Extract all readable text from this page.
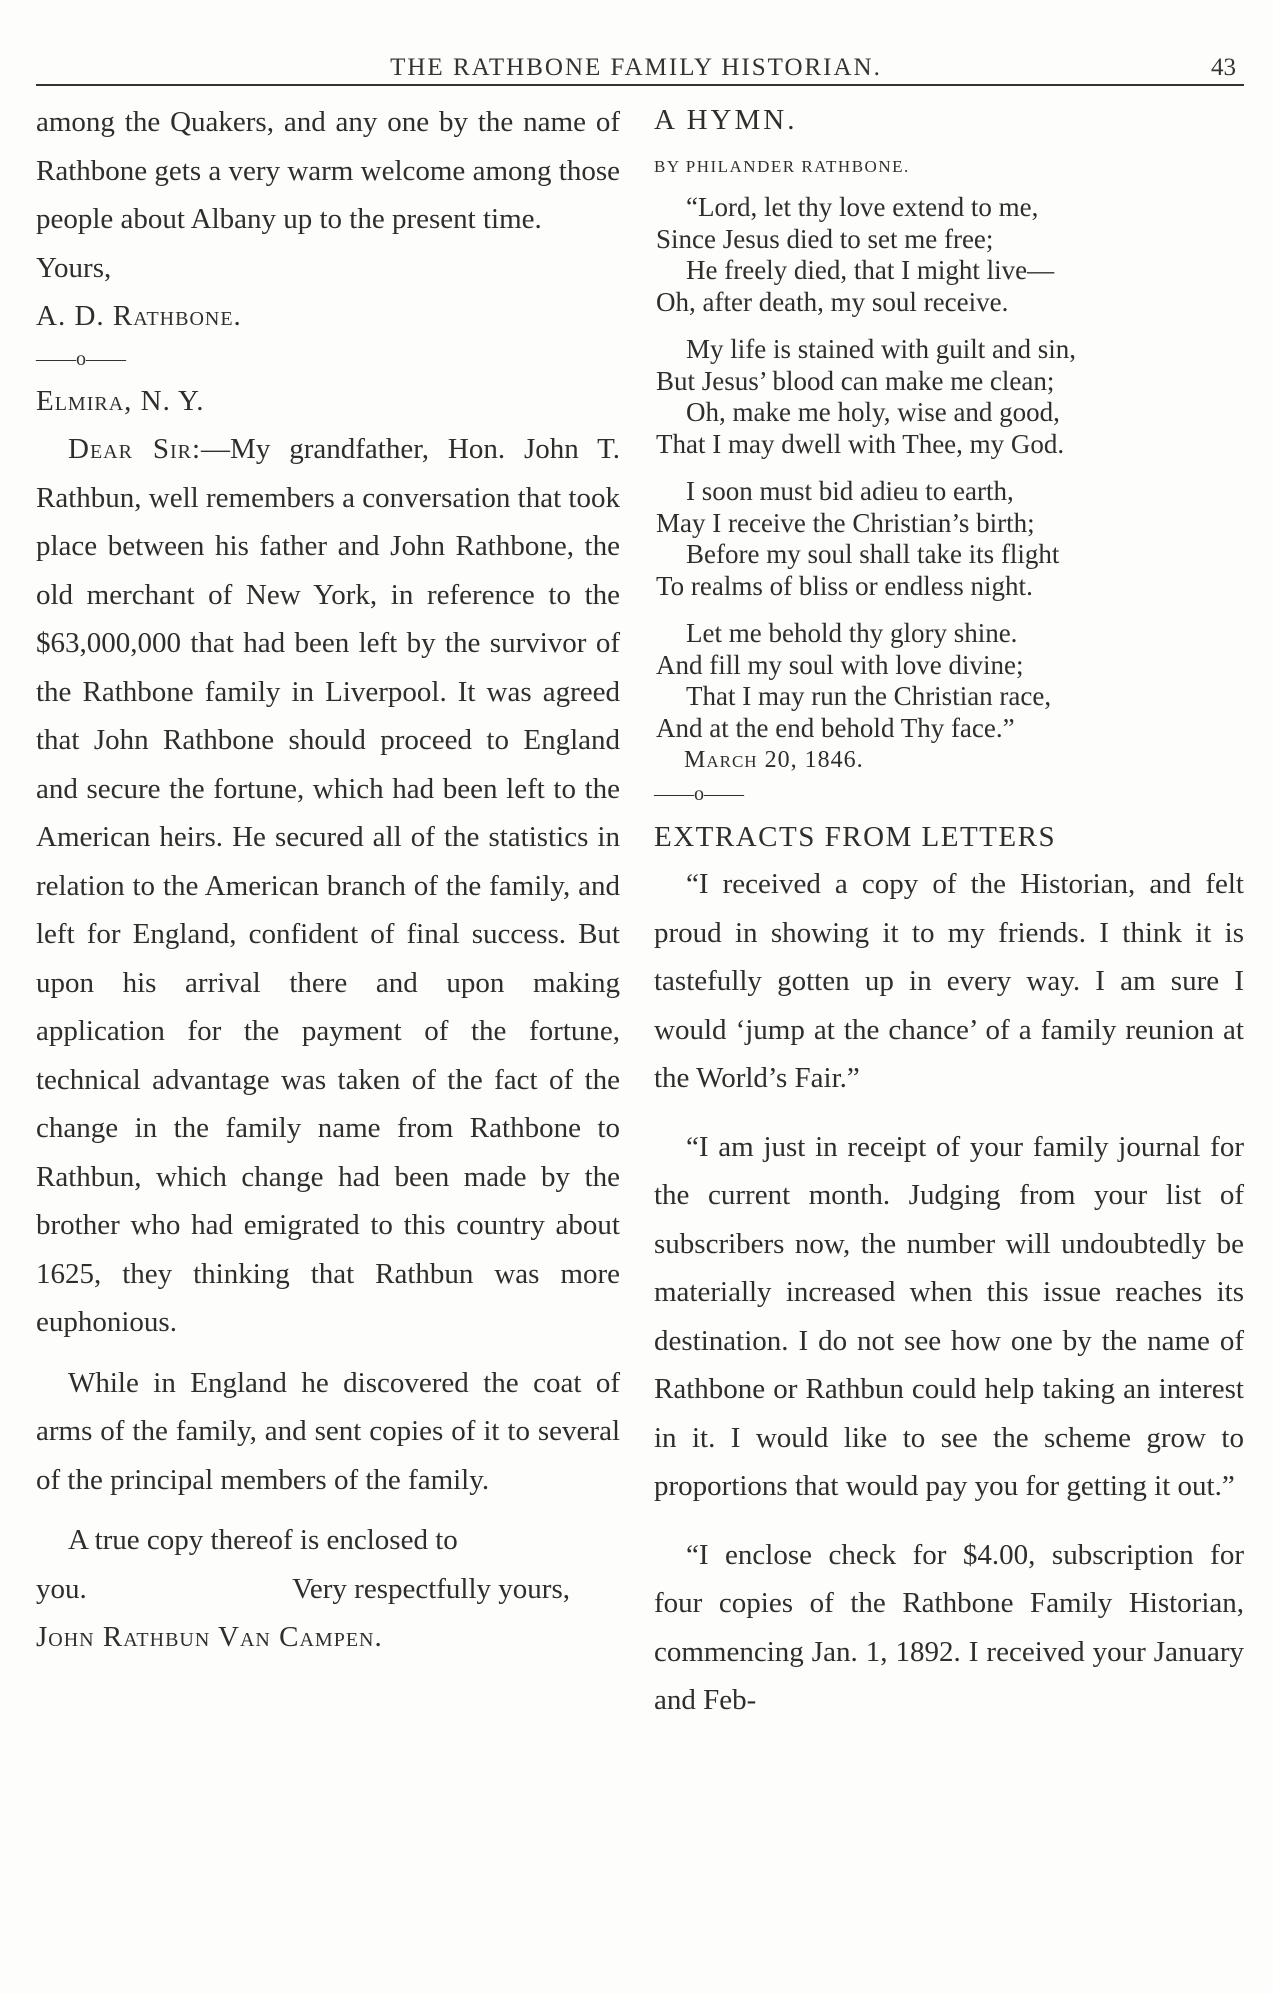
THE RATHBONE FAMILY HISTORIAN.	43

among the Quakers, and any one by the name of Rathbone gets a very warm welcome among those people about Albany up to the present time.

Yours,

A. D. Rathbone.

——o——

Elmira, N. Y.

Dear Sir:—My grandfather, Hon. John T. Rathbun, well remembers a conversation that took place between his father and John Rathbone, the old merchant of New York, in reference to the $63,000,000 that had been left by the survivor of the Rathbone family in Liverpool. It was agreed that John Rathbone should proceed to England and secure the fortune, which had been left to the American heirs. He secured all of the statistics in relation to the American branch of the family, and left for England, confident of final success. But upon his arrival there and upon making application for the payment of the fortune, technical advantage was taken of the fact of the change in the family name from Rathbone to Rathbun, which change had been made by the brother who had emigrated to this country about 1625, they thinking that Rathbun was more euphonious.

While in England he discovered the coat of arms of the family, and sent copies of it to several of the principal members of the family.

A true copy thereof is enclosed to

you.	Very respectfully yours,

John Rathbun Van Campen.

A HYMN.

BY PHILANDER RATHBONE.

“Lord, let thy love extend to me,
Since Jesus died to set me free;
He freely died, that I might live—
Oh, after death, my soul receive.
My life is stained with guilt and sin,
But Jesus’ blood can make me clean;
Oh, make me holy, wise and good,
That I may dwell with Thee, my God.
I soon must bid adieu to earth,
May I receive the Christian’s birth;
Before my soul shall take its flight
To realms of bliss or endless night.
Let me behold thy glory shine.
And fill my soul with love divine;
That I may run the Christian race,
And at the end behold Thy face.”
March 20, 1846.

——o——

EXTRACTS FROM LETTERS

“I received a copy of the Historian, and felt proud in showing it to my friends. I think it is tastefully gotten up in every way. I am sure I would ‘jump at the chance’ of a family reunion at the World’s Fair.”

“I am just in receipt of your family journal for the current month. Judging from your list of subscribers now, the number will undoubtedly be materially increased when this issue reaches its destination. I do not see how one by the name of Rathbone or Rathbun could help taking an interest in it. I would like to see the scheme grow to proportions that would pay you for getting it out.”

“I enclose check for $4.00, subscription for four copies of the Rathbone Family Historian, commencing Jan. 1, 1892. I received your January and Feb-
